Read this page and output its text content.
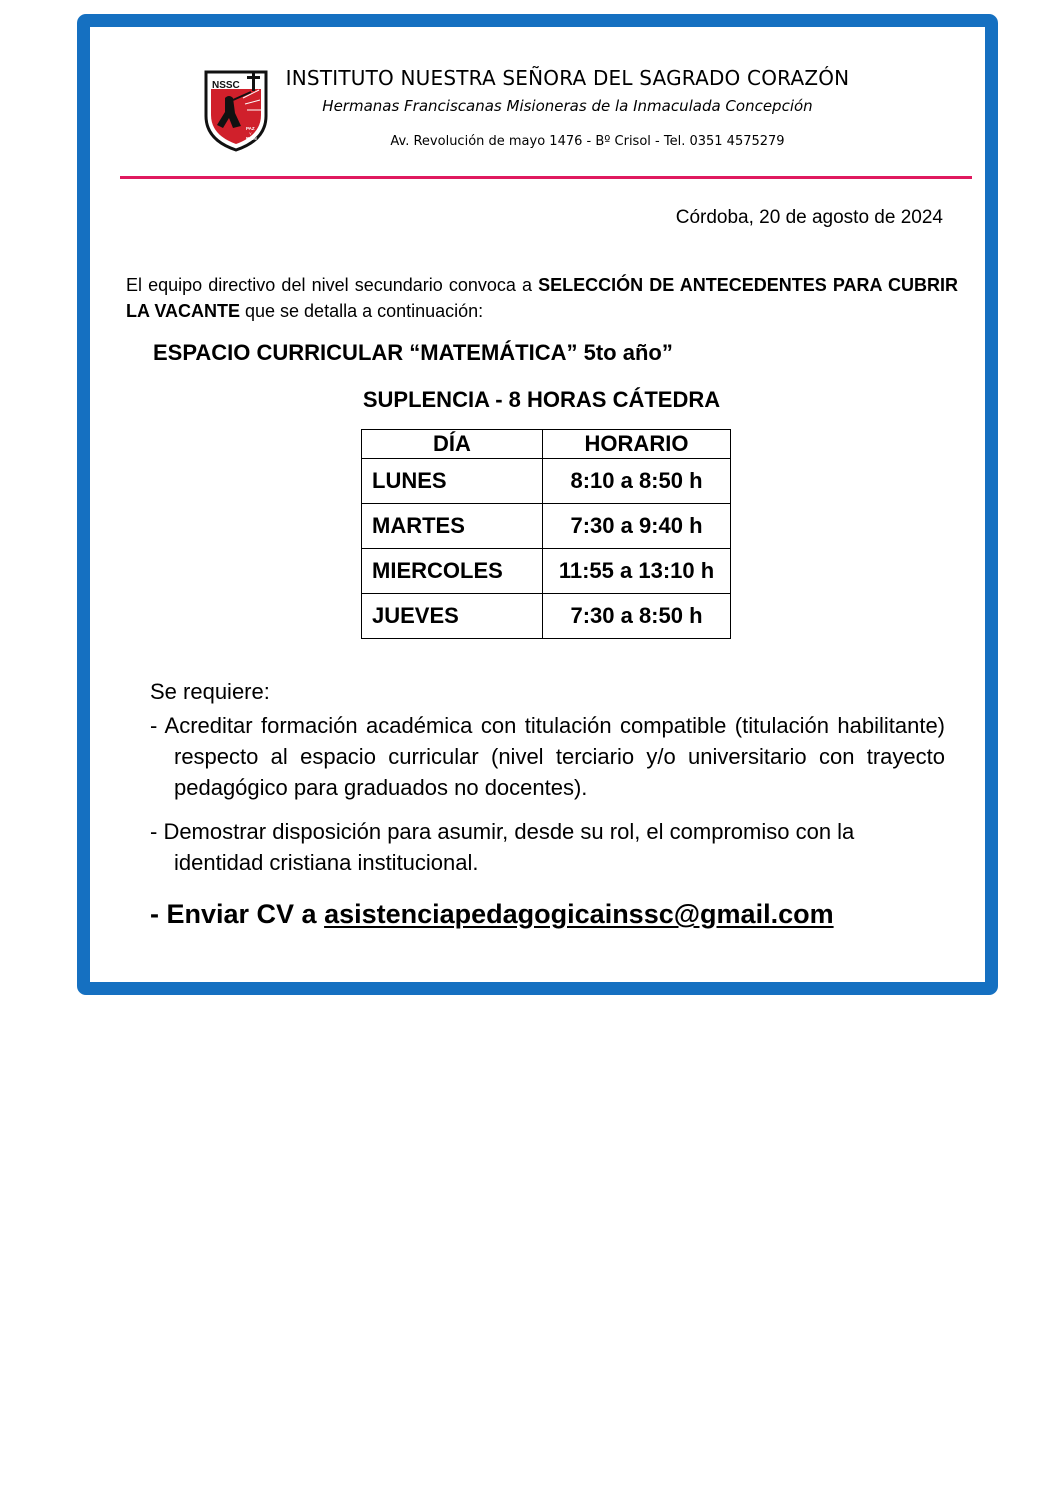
NSSC
PAZ
Y
BIEN
INSTITUTO NUESTRA SEÑORA DEL SAGRADO CORAZÓN
Hermanas Franciscanas Misioneras de la Inmaculada Concepción
Av. Revolución de mayo 1476 - Bº Crisol - Tel. 0351 4575279
Córdoba, 20 de agosto de 2024
El equipo directivo del nivel secundario convoca a SELECCIÓN DE ANTECEDENTES PARA CUBRIR LA VACANTE que se detalla a continuación:
ESPACIO CURRICULAR “MATEMÁTICA” 5to año”
SUPLENCIA - 8 HORAS CÁTEDRA
DÍA	HORARIO
LUNES	8:10 a 8:50 h
MARTES	7:30 a 9:40 h
MIERCOLES	11:55 a 13:10 h
JUEVES	7:30 a 8:50 h
Se requiere:
- Acreditar formación académica con titulación compatible (titulación habilitante) respecto al espacio curricular (nivel terciario y/o universitario con trayecto pedagógico para graduados no docentes).
- Demostrar disposición para asumir, desde su rol, el compromiso con la identidad cristiana institucional.
- Enviar CV a asistenciapedagogicainssc@gmail.com
